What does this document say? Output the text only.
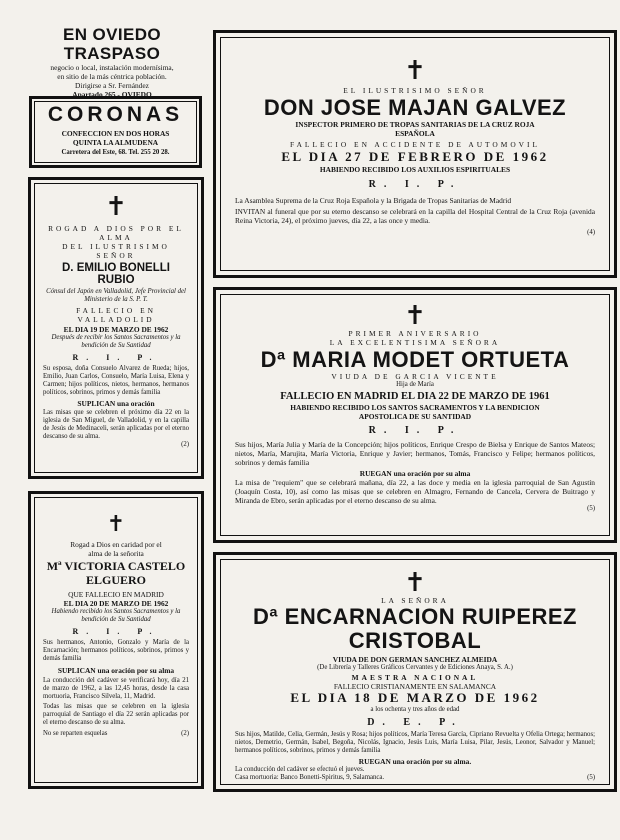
EN OVIEDO TRASPASO
negocio o local, instalación modernísima,
en sitio de la más céntrica población.
Dirigirse a Sr. Fernández
Apartado 265 - OVIEDO
CORONAS
CONFECCION EN DOS HORAS
QUINTA LA ALMUDENA
Carretera del Este, 68. Tel. 255 20 28.
✝
ROGAD A DIOS POR EL ALMA
DEL ILUSTRISIMO SEÑOR
D. EMILIO BONELLI RUBIO
Cónsul del Japón en Valladolid, Jefe Provincial del Ministerio de la S. P. T.
FALLECIO EN VALLADOLID
EL DIA 19 DE MARZO DE 1962
Después de recibir los Santos Sacramentos y la bendición de Su Santidad
R. I. P.

Su esposa, doña Consuelo Alvarez de Rueda; hijos, Emilio, Juan Carlos, Consuelo, María Luisa, Elena y Carmen; hijos políticos, nietos, hermanos, hermanos políticos, sobrinos, primos y demás familia

SUPLICAN una oración

Las misas que se celebren el próximo día 22 en la iglesia de San Miguel, de Valladolid, y en la capilla de Jesús de Medinaceli, serán aplicadas por el eterno descanso de su alma.

(2)
✝
Rogad a Dios en caridad por el
alma de la señorita
Mª VICTORIA CASTELO
ELGUERO
QUE FALLECIO EN MADRID
EL DIA 20 DE MARZO DE 1962
Habiendo recibido los Santos Sacramentos y la bendición de Su Santidad
R. I. P.

Sus hermanos, Antonio, Gonzalo y María de la Encarnación; hermanos políticos, sobrinos, primos y demás familia

SUPLICAN una oración por su alma

La conducción del cadáver se verificará hoy, día 21 de marzo de 1962, a las 12,45 horas, desde la casa mortuoria, Francisco Silvela, 11, Madrid.

Todas las misas que se celebren en la iglesia parroquial de Santiago el día 22 serán aplicadas por el eterno descanso de su alma.

No se reparten esquelas	(2)
✝
EL ILUSTRISIMO SEÑOR
DON JOSE MAJAN GALVEZ
INSPECTOR PRIMERO DE TROPAS SANITARIAS DE LA CRUZ ROJA
ESPAÑOLA
FALLECIO EN ACCIDENTE DE AUTOMOVIL
EL DIA 27 DE FEBRERO DE 1962
HABIENDO RECIBIDO LOS AUXILIOS ESPIRITUALES
R. I. P.

La Asamblea Suprema de la Cruz Roja Española y la Brigada de Tropas Sanitarias de Madrid

INVITAN al funeral que por su eterno descanso se celebrará en la capilla del Hospital Central de la Cruz Roja (avenida Reina Victoria, 24), el próximo jueves, día 22, a las once y media.

(4)
✝
PRIMER ANIVERSARIO
LA EXCELENTISIMA SEÑORA
Dª MARIA MODET ORTUETA
VIUDA DE GARCIA VICENTE
Hija de María
FALLECIO EN MADRID EL DIA 22 DE MARZO DE 1961
HABIENDO RECIBIDO LOS SANTOS SACRAMENTOS Y LA BENDICION
APOSTOLICA DE SU SANTIDAD
R. I. P.

Sus hijos, María Julia y María de la Concepción; hijos políticos, Enrique Crespo de Bielsa y Enrique de Santos Mateos; nietos, María, Marujita, María Victoria, Enrique y Javier; hermanos, Tomás, Francisco y Felipe; hermanos políticos, sobrinos y demás familia

RUEGAN una oración por su alma

La misa de "requiem" que se celebrará mañana, día 22, a las doce y media en la iglesia parroquial de San Agustín (Joaquín Costa, 10), así como las misas que se celebren en Almagro, Fernando de Cancela, Cervera de Buitrago y Miranda de Ebro, serán aplicadas por el eterno descanso de su alma.

(5)
✝
LA SEÑORA
Dª ENCARNACION RUIPEREZ
CRISTOBAL
VIUDA DE DON GERMAN SANCHEZ ALMEIDA
(De Librería y Talleres Gráficos Cervantes y de Ediciones Anaya, S. A.)
MAESTRA NACIONAL
FALLECIO CRISTIANAMENTE EN SALAMANCA
EL DIA 18 DE MARZO DE 1962
a los ochenta y tres años de edad
D. E. P.

Sus hijos, Matilde, Celia, Germán, Jesús y Rosa; hijos políticos, María Teresa García, Cipriano Revuelta y Ofelia Ortega; hermanos; nietos, Demetrio, Germán, Isabel, Begoña, Nicolás, Ignacio, Jesús Luis, María Luisa, Pilar, Jesús, Leonor, Salvador y Manuel; hermanos políticos, sobrinos, primos y demás familia

RUEGAN una oración por su alma.

La conducción del cadáver se efectuó el jueves.

Casa mortuoria: Banco Bonetti-Spiritus, 9, Salamanca.	(5)
